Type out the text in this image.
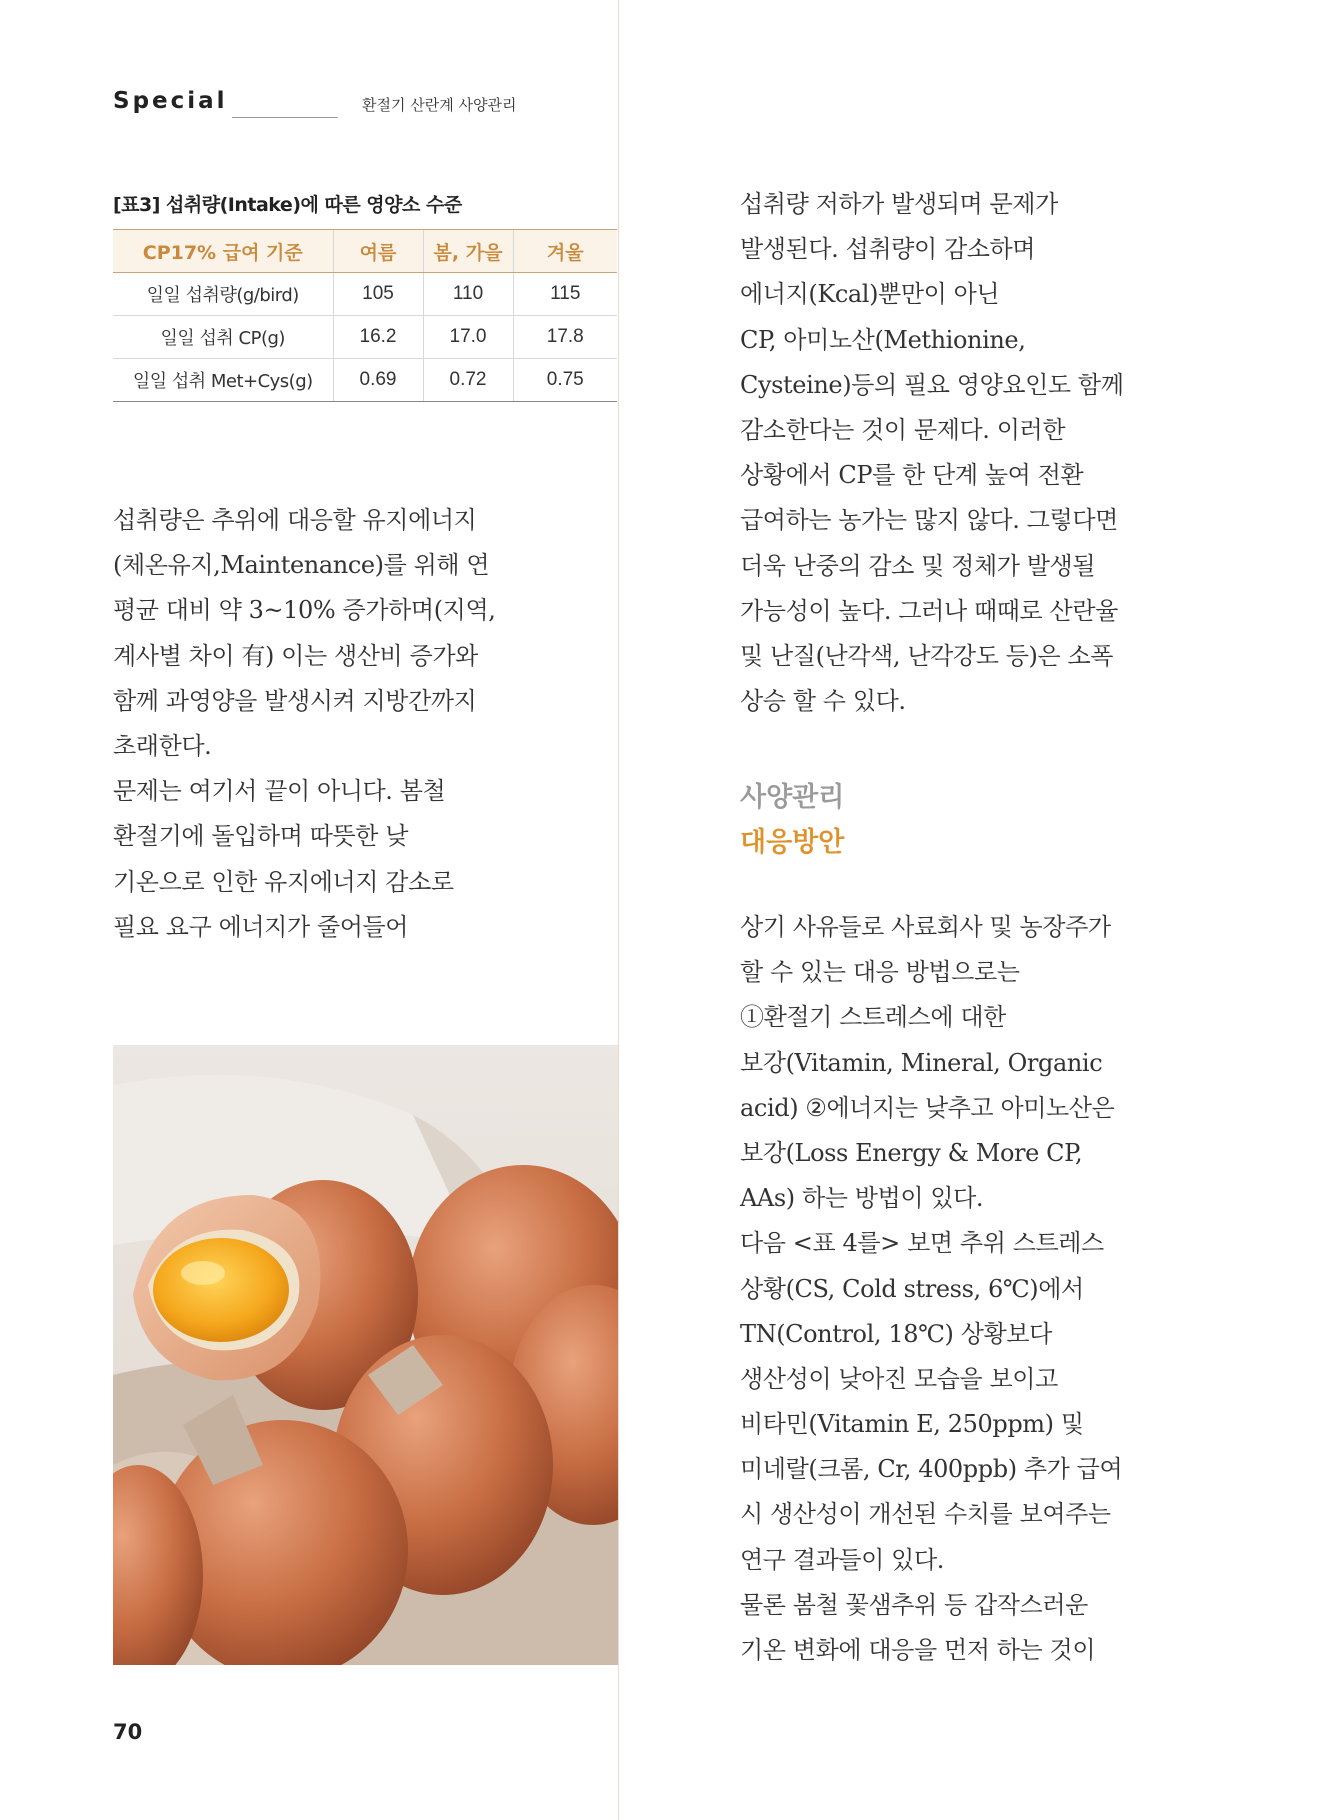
Special	환절기 산란계 사양관리
[표3] 섭취량(Intake)에 따른 영양소 수준
CP17% 급여 기준	여름	봄, 가을	겨울
일일 섭취량(g/bird)	105	110	115
일일 섭취 CP(g)	16.2	17.0	17.8
일일 섭취 Met+Cys(g)	0.69	0.72	0.75
섭취량은 추위에 대응할 유지에너지
(체온유지,Maintenance)를 위해 연
평균 대비 약 3~10% 증가하며(지역,
계사별 차이 有) 이는 생산비 증가와
함께 과영양을 발생시켜 지방간까지
초래한다.
문제는 여기서 끝이 아니다. 봄철
환절기에 돌입하며 따뜻한 낮
기온으로 인한 유지에너지 감소로
필요 요구 에너지가 줄어들어
섭취량 저하가 발생되며 문제가
발생된다. 섭취량이 감소하며
에너지(Kcal)뿐만이 아닌
CP, 아미노산(Methionine,
Cysteine)등의 필요 영양요인도 함께
감소한다는 것이 문제다. 이러한
상황에서 CP를 한 단계 높여 전환
급여하는 농가는 많지 않다. 그렇다면
더욱 난중의 감소 및 정체가 발생될
가능성이 높다. 그러나 때때로 산란율
및 난질(난각색, 난각강도 등)은 소폭
상승 할 수 있다.
사양관리
대응방안
상기 사유들로 사료회사 및 농장주가
할 수 있는 대응 방법으로는
①환절기 스트레스에 대한
보강(Vitamin, Mineral, Organic
acid) ②에너지는 낮추고 아미노산은
보강(Loss Energy & More CP,
AAs) 하는 방법이 있다.
다음 <표 4를> 보면 추위 스트레스
상황(CS, Cold stress, 6℃)에서
TN(Control, 18℃) 상황보다
생산성이 낮아진 모습을 보이고
비타민(Vitamin E, 250ppm) 및
미네랄(크롬, Cr, 400ppb) 추가 급여
시 생산성이 개선된 수치를 보여주는
연구 결과들이 있다.
물론 봄철 꽃샘추위 등 갑작스러운
기온 변화에 대응을 먼저 하는 것이
70
